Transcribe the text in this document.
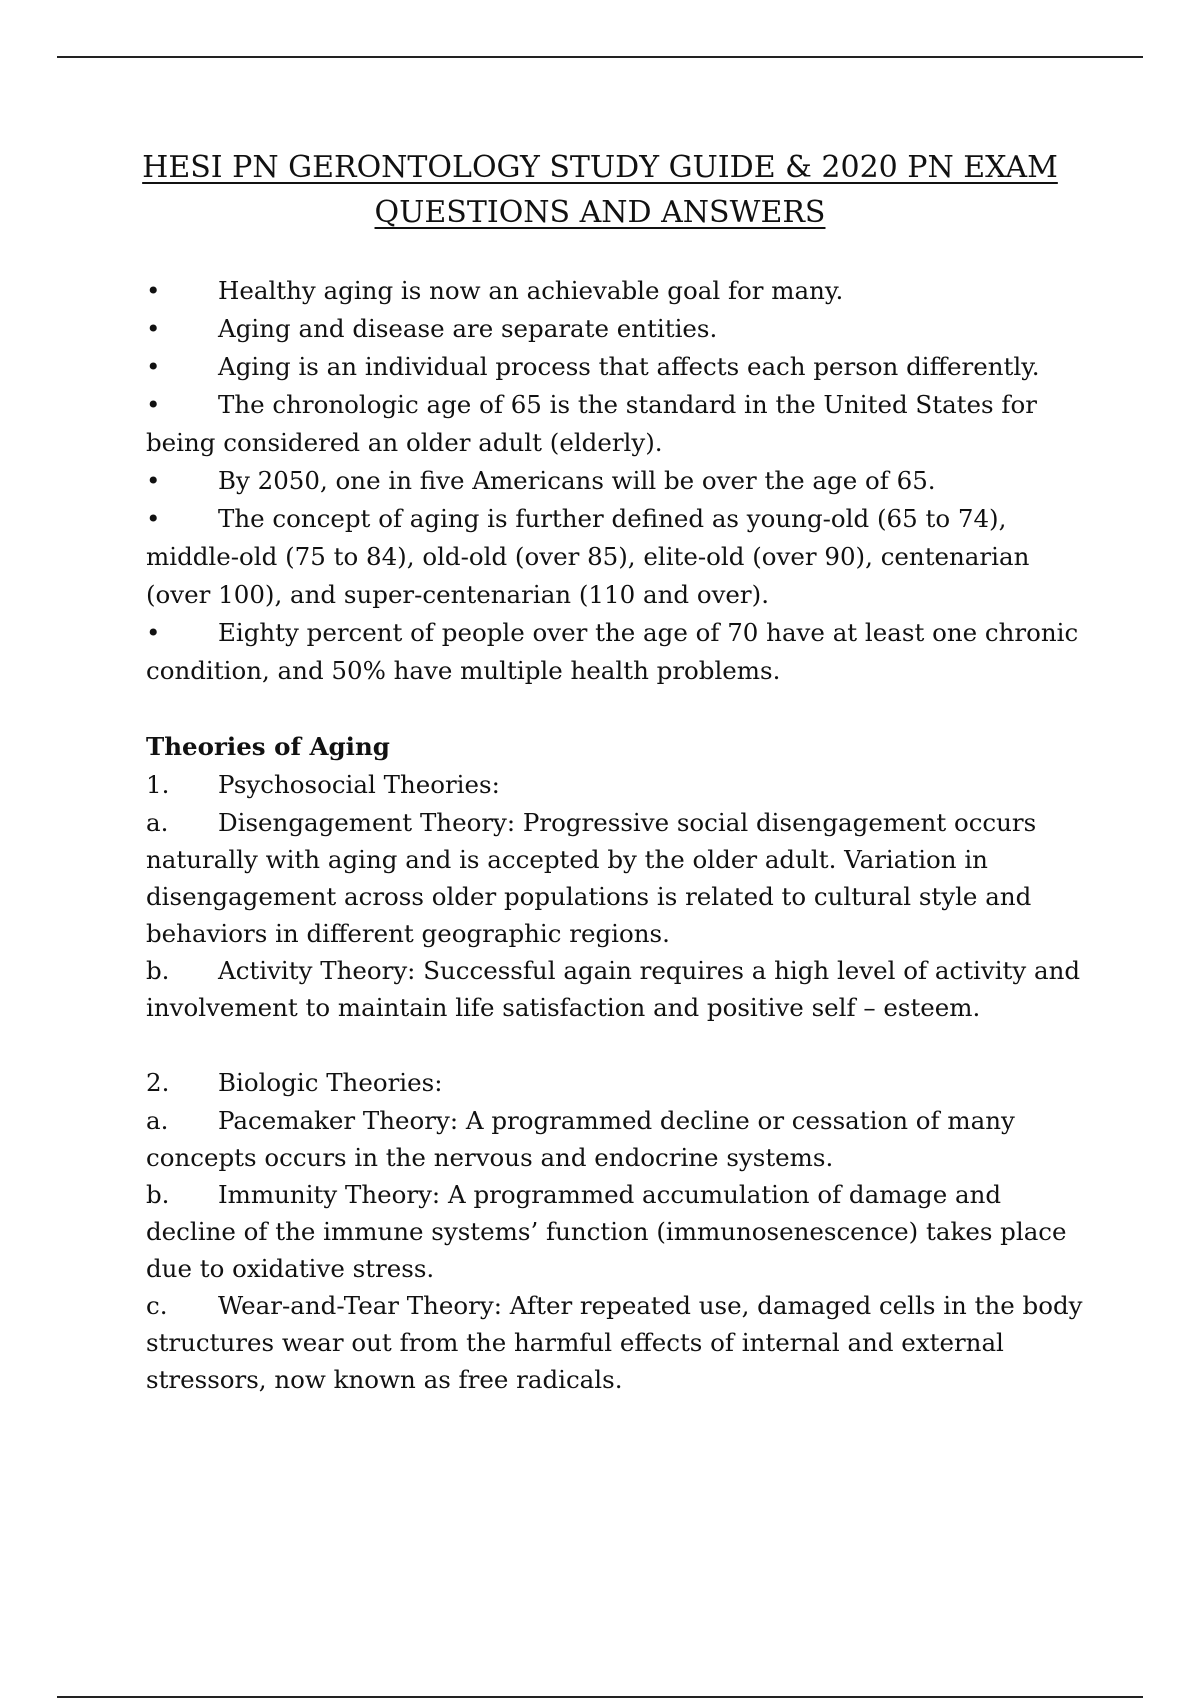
HESI PN GERONTOLOGY STUDY GUIDE & 2020 PN EXAM
QUESTIONS AND ANSWERS

• Healthy aging is now an achievable goal for many.

• Aging and disease are separate entities.

• Aging is an individual process that affects each person differently.

• The chronologic age of 65 is the standard in the United States for being considered an older adult (elderly).

• By 2050, one in five Americans will be over the age of 65.

• The concept of aging is further defined as young-old (65 to 74), middle-old (75 to 84), old-old (over 85), elite-old (over 90), centenarian (over 100), and super-centenarian (110 and over).

• Eighty percent of people over the age of 70 have at least one chronic condition, and 50% have multiple health problems.

Theories of Aging

1. Psychosocial Theories:

a. Disengagement Theory: Progressive social disengagement occurs naturally with aging and is accepted by the older adult. Variation in disengagement across older populations is related to cultural style and behaviors in different geographic regions.

b. Activity Theory: Successful again requires a high level of activity and involvement to maintain life satisfaction and positive self – esteem.

2. Biologic Theories:

a. Pacemaker Theory: A programmed decline or cessation of many concepts occurs in the nervous and endocrine systems.

b. Immunity Theory: A programmed accumulation of damage and decline of the immune systems’ function (immunosenescence) takes place due to oxidative stress.

c. Wear-and-Tear Theory: After repeated use, damaged cells in the body structures wear out from the harmful effects of internal and external stressors, now known as free radicals.
